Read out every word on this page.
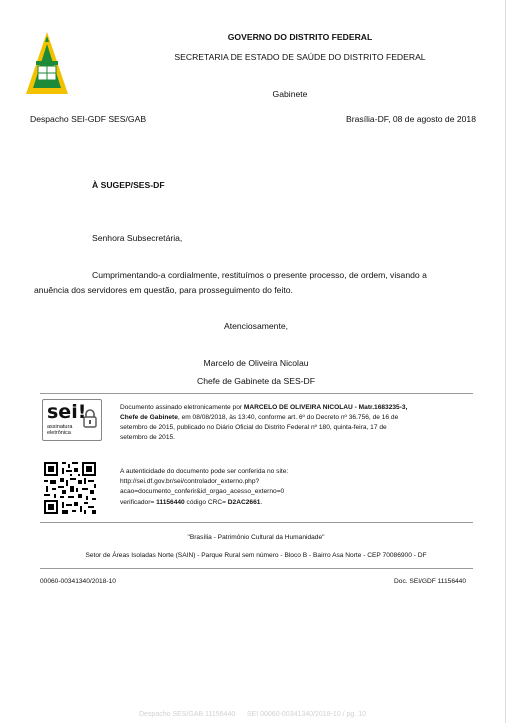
GOVERNO DO DISTRITO FEDERAL
SECRETARIA DE ESTADO DE SAÚDE DO DISTRITO FEDERAL
Gabinete
Despacho SEI-GDF SES/GAB	Brasília-DF, 08 de agosto de 2018
À SUGEP/SES-DF
Senhora Subsecretária,
Cumprimentando-a cordialmente, restituímos o presente processo, de ordem, visando a
anuência dos servidores em questão, para prosseguimento do feito.
Atenciosamente,
Marcelo de Oliveira Nicolau
Chefe de Gabinete da SES-DF
sei!
assinatura
eletrônica
Documento assinado eletronicamente por MARCELO DE OLIVEIRA NICOLAU - Matr.1683235-3,
Chefe de Gabinete, em 08/08/2018, às 13:40, conforme art. 6º do Decreto nº 36.756, de 16 de
setembro de 2015, publicado no Diário Oficial do Distrito Federal nº 180, quinta-feira, 17 de
setembro de 2015.
A autenticidade do documento pode ser conferida no site:
http://sei.df.gov.br/sei/controlador_externo.php?
acao=documento_conferir&id_orgao_acesso_externo=0
verificador= 11156440 código CRC= D2AC2661.
"Brasília - Patrimônio Cultural da Humanidade"
Setor de Áreas Isoladas Norte (SAIN) - Parque Rural sem número - Bloco B - Bairro Asa Norte - CEP 70086900 - DF
00060-00341340/2018-10	Doc. SEI/GDF 11156440
Despacho SES/GAB 11156440      SEI 00060-00341340/2018-10 / pg. 10
